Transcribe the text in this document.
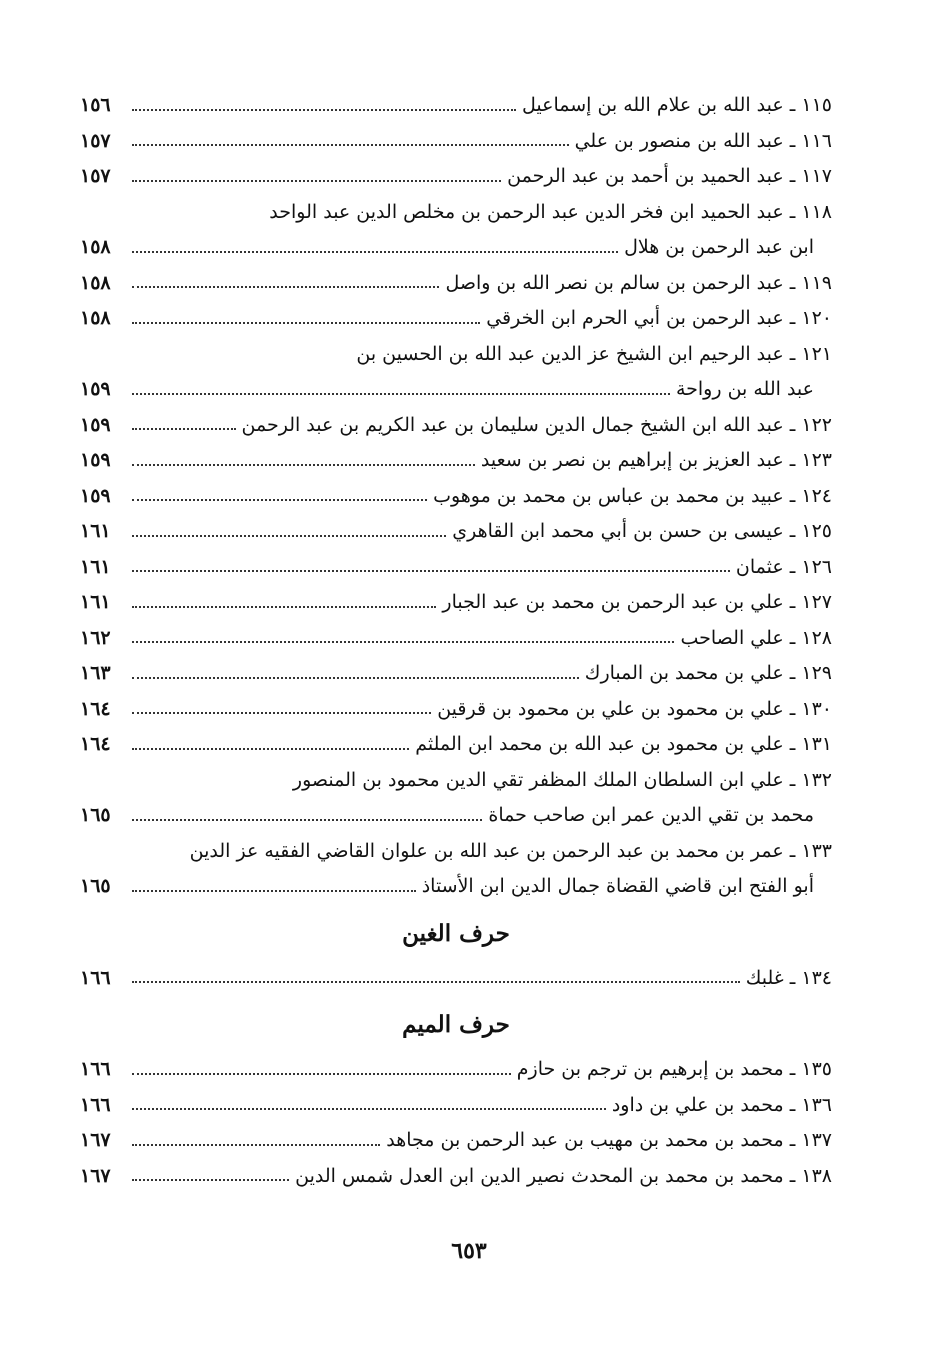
١١٥ ـ عبد الله بن علام الله بن إسماعيل
١٥٦
١١٦ ـ عبد الله بن منصور بن علي
١٥٧
١١٧ ـ عبد الحميد بن أحمد بن عبد الرحمن
١٥٧
١١٨ ـ عبد الحميد ابن فخر الدين عبد الرحمن بن مخلص الدين عبد الواحد
ابن عبد الرحمن بن هلال
١٥٨
١١٩ ـ عبد الرحمن بن سالم بن نصر الله بن واصل
١٥٨
١٢٠ ـ عبد الرحمن بن أبي الحرم ابن الخرقي
١٥٨
١٢١ ـ عبد الرحيم ابن الشيخ عز الدين عبد الله بن الحسين بن
عبد الله بن رواحة
١٥٩
١٢٢ ـ عبد الله ابن الشيخ جمال الدين سليمان بن عبد الكريم بن عبد الرحمن
١٥٩
١٢٣ ـ عبد العزيز بن إبراهيم بن نصر بن سعيد
١٥٩
١٢٤ ـ عبيد بن محمد بن عباس بن محمد بن موهوب
١٥٩
١٢٥ ـ عيسى بن حسن بن أبي محمد ابن القاهري
١٦١
١٢٦ ـ عثمان
١٦١
١٢٧ ـ علي بن عبد الرحمن بن محمد بن عبد الجبار
١٦١
١٢٨ ـ علي الصاحب
١٦٢
١٢٩ ـ علي بن محمد بن المبارك
١٦٣
١٣٠ ـ علي بن محمود بن علي بن محمود بن قرقين
١٦٤
١٣١ ـ علي بن محمود بن عبد الله بن محمد ابن الملثم
١٦٤
١٣٢ ـ علي ابن السلطان الملك المظفر تقي الدين محمود بن المنصور
محمد بن تقي الدين عمر ابن صاحب حماة
١٦٥
١٣٣ ـ عمر بن محمد بن عبد الرحمن بن عبد الله بن علوان القاضي الفقيه عز الدين
أبو الفتح ابن قاضي القضاة جمال الدين ابن الأستاذ
١٦٥
حرف الغين
١٣٤ ـ غلبك
١٦٦
حرف الميم
١٣٥ ـ محمد بن إبرهيم بن ترجم بن حازم
١٦٦
١٣٦ ـ محمد بن علي بن داود
١٦٦
١٣٧ ـ محمد بن محمد بن مهيب بن عبد الرحمن بن مجاهد
١٦٧
١٣٨ ـ محمد بن محمد بن المحدث نصير الدين ابن العدل شمس الدين
١٦٧
٦٥٣
